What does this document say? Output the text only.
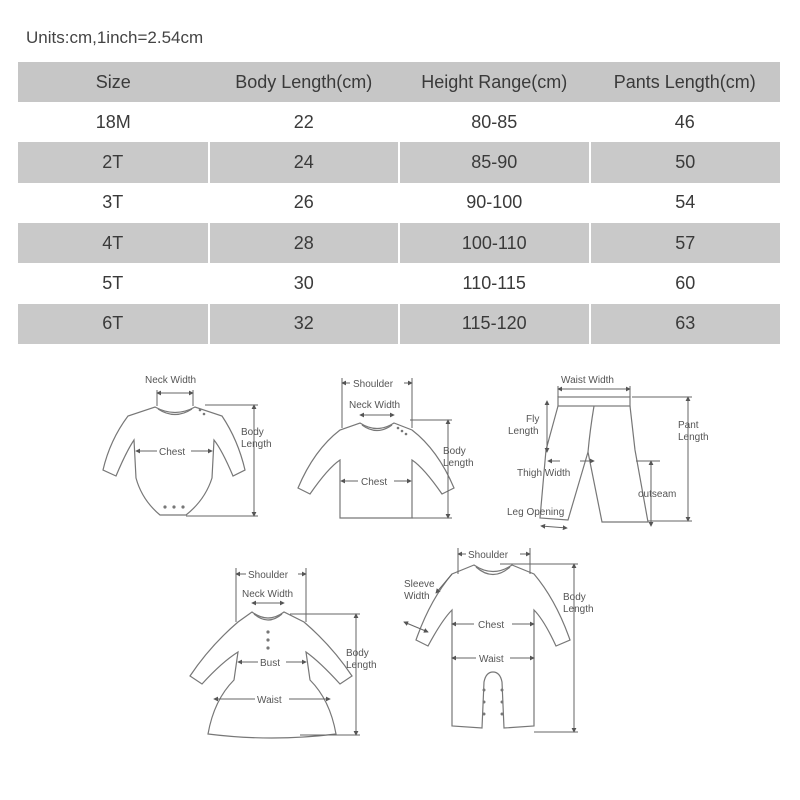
Units:cm,1inch=2.54cm
Size	Body Length(cm)	Height Range(cm)	Pants Length(cm)
18M	22	80-85	46
2T	24	85-90	50
3T	26	90-100	54
4T	28	100-110	57
5T	30	110-115	60
6T	32	115-120	63
Neck Width
Chest
Body
Length
Shoulder
Neck Width
Chest
Body
Length
Waist Width
Fly
Length
Pant
Length
Thigh Width
outseam
Leg Opening
Shoulder
Neck Width
Bust
Waist
Body
Length
Shoulder
Sleeve
Width
Chest
Waist
Body
Length
